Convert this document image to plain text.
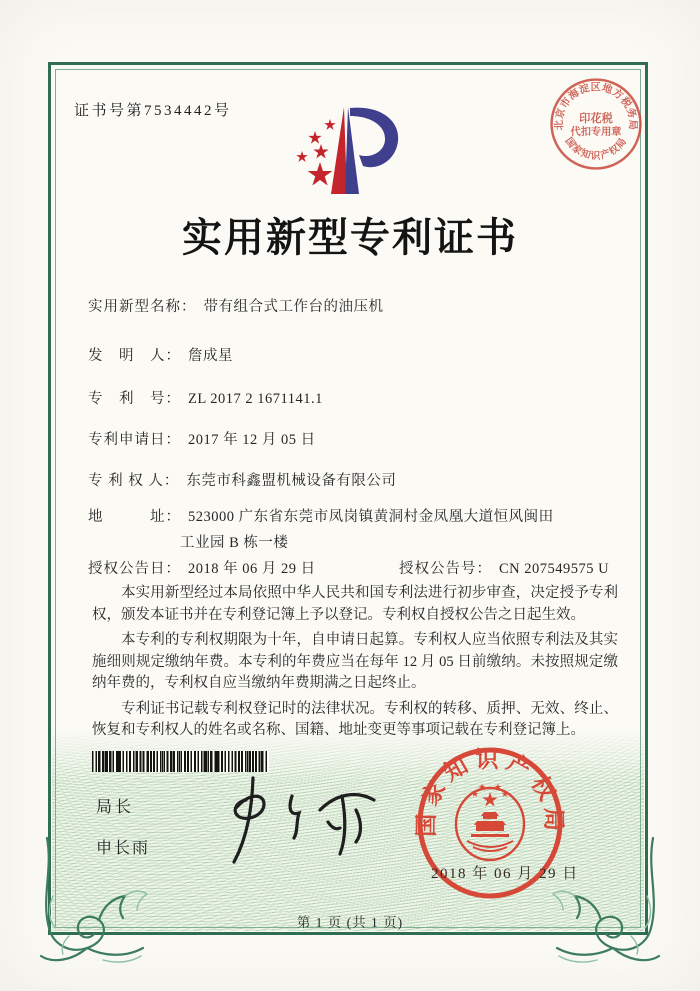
证书号第7534442号
北京市海淀区地方税务局
国家知识产权局
印花税
代扣专用章
实用新型专利证书
实用新型名称： 带有组合式工作台的油压机
发　明　人： 詹成星
专　利　号： ZL 2017 2 1671141.1
专利申请日： 2017 年 12 月 05 日
专 利 权 人： 东莞市科鑫盟机械设备有限公司
地　　　址： 523000 广东省东莞市凤岗镇黄洞村金凤凰大道恒风闽田
工业园 B 栋一楼
授权公告日： 2018 年 06 月 29 日	授权公告号： CN 207549575 U

本实用新型经过本局依照中华人民共和国专利法进行初步审查，决定授予专利权，颁发本证书并在专利登记簿上予以登记。专利权自授权公告之日起生效。

本专利的专利权期限为十年，自申请日起算。专利权人应当依照专利法及其实施细则规定缴纳年费。本专利的年费应当在每年 12 月 05 日前缴纳。未按照规定缴纳年费的，专利权自应当缴纳年费期满之日起终止。

专利证书记载专利权登记时的法律状况。专利权的转移、质押、无效、终止、恢复和专利权人的姓名或名称、国籍、地址变更等事项记载在专利登记簿上。

局长
申长雨
国家知识产权局
2018 年 06 月 29 日
第 1 页 (共 1 页)
